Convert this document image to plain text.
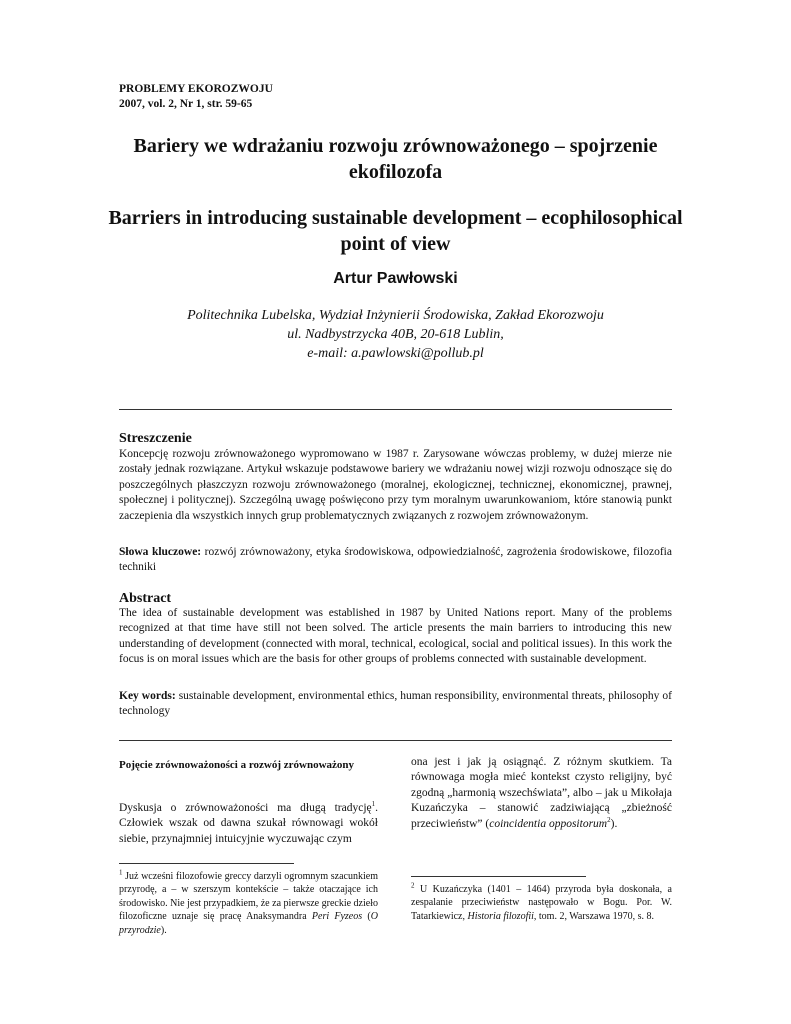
PROBLEMY EKOROZWOJU
2007, vol. 2, Nr 1, str. 59-65
Bariery we wdrażaniu rozwoju zrównoważonego – spojrzenie ekofilozofa
Barriers in introducing sustainable development – ecophilosophical point of view
Artur Pawłowski
Politechnika Lubelska, Wydział Inżynierii Środowiska, Zakład Ekorozwoju
ul. Nadbystrzycka 40B, 20-618 Lublin,
e-mail: a.pawlowski@pollub.pl
Streszczenie

Koncepcję rozwoju zrównoważonego wypromowano w 1987 r. Zarysowane wówczas problemy, w dużej mierze nie zostały jednak rozwiązane. Artykuł wskazuje podstawowe bariery we wdrażaniu nowej wizji rozwoju odnoszące się do poszczególnych płaszczyzn rozwoju zrównoważonego (moralnej, ekologicznej, technicznej, ekonomicznej, prawnej, społecznej i politycznej). Szczególną uwagę poświęcono przy tym moralnym uwarunkowaniom, które stanowią punkt zaczepienia dla wszystkich innych grup problematycznych związanych z rozwojem zrównoważonym.

Słowa kluczowe: rozwój zrównoważony, etyka środowiskowa, odpowiedzialność, zagrożenia środowiskowe, filozofia techniki

Abstract

The idea of sustainable development was established in 1987 by United Nations report. Many of the problems recognized at that time have still not been solved. The article presents the main barriers to introducing this new understanding of development (connected with moral, technical, ecological, social and political issues). In this work the focus is on moral issues which are the basis for other groups of problems connected with sustainable development.

Key words: sustainable development, environmental ethics, human responsibility, environmental threats, philosophy of technology

Pojęcie zrównoważoności a rozwój zrównoważony

Dyskusja o zrównoważoności ma długą tradycję$^1$. Człowiek wszak od dawna szukał równowagi wokół siebie, przynajmniej intuicyjnie wyczuwając czym

ona jest i jak ją osiągnąć. Z różnym skutkiem. Ta równowaga mogła mieć kontekst czysto religijny, być zgodną „harmonią wszechświata”, albo – jak u Mikołaja Kuzańczyka – stanowić zadziwiającą „zbieżność przeciwieństw” (coincidentia oppositorum$^2$).

$^1$ Już wcześni filozofowie greccy darzyli ogromnym szacunkiem przyrodę, a – w szerszym kontekście – także otaczające ich środowisko. Nie jest przypadkiem, że za pierwsze greckie dzieło filozoficzne uznaje się pracę Anaksymandra Peri Fyzeos (O przyrodzie).

$^2$ U Kuzańczyka (1401 – 1464) przyroda była doskonała, a zespalanie przeciwieństw następowało w Bogu. Por. W. Tatarkiewicz, Historia filozofii, tom. 2, Warszawa 1970, s. 8.
